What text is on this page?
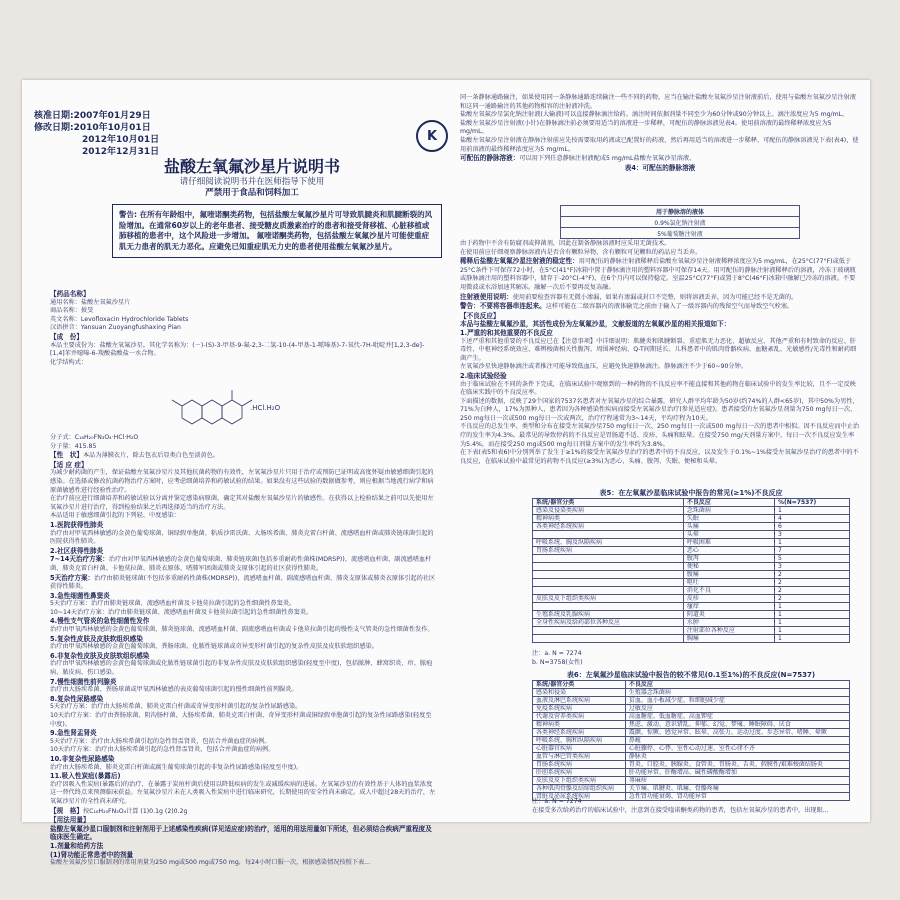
核准日期:2007年01月29日
修改日期:2010年10月01日
2012年10月01日
2012年12月31日
K
盐酸左氧氟沙星片说明书
请仔细阅读说明书并在医师指导下使用
严禁用于食品和饲料加工
警告: 在所有年龄组中，氟喹诺酮类药物，包括盐酸左氧氟沙星片可导致肌腱炎和肌腱断裂的风险增加。在通常60岁以上的老年患者、接受糖皮质激素治疗的患者和接受肾移植、心脏移植或肺移植的患者中，这个风险进一步增加。 氟喹诺酮类药物，包括盐酸左氧氟沙星片可能使重症肌无力患者的肌无力恶化。应避免已知重症肌无力史的患者使用盐酸左氧氟沙星片。
【药品名称】
通用名称：盐酸左氧氟沙星片
商品名称：披旻
英文名称：Levofloxacin Hydrochloride Tablets
汉语拼音：Yansuan Zuoyangfushaxing Pian
【成　份】
本品主要成份为：盐酸左氧氟沙星。其化学名称为：(－)-(S)-3-甲基-9-氟-2,3-二氢-10-(4-甲基-1-哌嗪基)-7-氧代-7H-吡啶并[1,2,3-de]-[1,4]苯并噁嗪-6-羧酸盐酸盐一水合物。
化学结构式：
.HCl.H₂O
分子式：C₁₈H₂₀FN₃O₄·HCl·H₂O
分子量：415.85
【性　状】本品为薄膜衣片，除去包衣后显类白色至淡黄色。
【适 应 症】
为减少耐药菌的产生，保证盐酸左氧氟沙星片及其他抗菌药物的有效性，左氧氟沙星片只用于治疗或预防已证明或高度怀疑由敏感细菌引起的感染。在选择或修改抗菌药物治疗方案时，应考虑细菌培养和药敏试验的结果。如果没有这些试验的数据做参考，则应根据当地流行病学和病原菌敏感性进行经验性治疗。
在治疗前应进行细菌培养和药敏试验以分离并鉴定感染病原菌，确定其对盐酸左氧氟沙星片的敏感性。在获得以上检验结果之前可以先使用左氧氟沙星片进行治疗，得到检验结果之后再选择适当的治疗方法。
本品适用于敏感细菌引起的下列轻、中度感染：
1.医院获得性肺炎
治疗由对甲氧西林敏感的金黄色葡萄球菌、铜绿假单胞菌、粘质沙雷氏菌、大肠埃希菌、肺炎克雷白杆菌、流感嗜血杆菌或肺炎链球菌引起的医院获得性肺炎。
2.社区获得性肺炎
7~14天治疗方案：治疗由对甲氧西林敏感的金黄色葡萄球菌、肺炎链球菌(包括多重耐药性菌株(MDRSP))、流感嗜血杆菌、副流感嗜血杆菌、肺炎克雷白杆菌、卡他莫拉菌、肺炎衣原体、嗜肺军团菌或肺炎支原体引起的社区获得性肺炎。
5天治疗方案：治疗由肺炎链球菌(不包括多重耐药性菌株(MDRSP))、流感嗜血杆菌、副流感嗜血杆菌、肺炎支原体或肺炎衣原体引起的社区获得性肺炎。
3.急性细菌性鼻窦炎
5天治疗方案：治疗由肺炎链球菌、流感嗜血杆菌及卡他莫拉菌引起的急性细菌性鼻窦炎。
10~14天治疗方案：治疗由肺炎链球菌、流感嗜血杆菌及卡他莫拉菌引起的急性细菌性鼻窦炎。
4.慢性支气管炎的急性细菌性发作
治疗由甲氧西林敏感的金黄色葡萄球菌、肺炎链球菌、流感嗜血杆菌、副流感嗜血杆菌或卡他莫拉菌引起的慢性支气管炎的急性细菌性发作。
5.复杂性皮肤及皮肤软组织感染
治疗由甲氧西林敏感的金黄色葡萄球菌、粪肠球菌、化脓性链球菌或奇异变形杆菌引起的复杂性皮肤及皮肤软组织感染。
6.非复杂性皮肤及皮肤软组织感染
治疗由甲氧西林敏感的金黄色葡萄球菌或化脓性链球菌引起的非复杂性皮肤及皮肤软组织感染(轻度至中度)，包括脓肿、蜂窝织炎、疖、脓疱病、脓皮病、伤口感染。
7.慢性细菌性前列腺炎
治疗由大肠埃希菌、粪肠球菌或甲氧西林敏感的表皮葡萄球菌引起的慢性细菌性前列腺炎。
8.复杂性尿路感染
5天治疗方案：治疗由大肠埃希菌、肺炎克雷白杆菌或奇异变形杆菌引起的复杂性尿路感染。
10天治疗方案：治疗由粪肠球菌、阴沟肠杆菌、大肠埃希菌、肺炎克雷白杆菌、奇异变形杆菌或铜绿假单胞菌引起的复杂性尿路感染(轻度至中度)。
9.急性肾盂肾炎
5天治疗方案：治疗由大肠埃希菌引起的急性肾盂肾炎，包括合并菌血症的病例。
10天治疗方案：治疗由大肠埃希菌引起的急性肾盂肾炎，包括合并菌血症的病例。
10.非复杂性尿路感染
治疗由大肠埃希菌、肺炎克雷白杆菌或腐生葡萄球菌引起的非复杂性尿路感染(轻度至中度)。
11.吸入性炭疽(暴露后)
治疗因吸入性炭疽(暴露后)的治疗，在暴露于炭疽杆菌后使用以降低疾病的发生或减缓疾病的进展。左氧氟沙星的有效性基于人体的血浆浓度这一替代终点来预测临床获益。左氧氟沙星片未在人类吸入性炭疽中进行临床研究，长期使用的安全性尚未确定。成人中超过28天的治疗，左氧氟沙星片的全性尚未研究。
【规　格】按C₁₈H₂₀FN₃O₄计算 (1)0.1g (2)0.2g
【用法用量】
盐酸左氧氟沙星口服制剂和注射剂用于上述感染性疾病(详见适应症)的治疗，适用的用法用量如下所述，但必须结合疾病严重程度及临床医生确定。
1.剂量和给药方法
(1)肾功能正常患者中的剂量
盐酸左氧氟沙星口服制剂的常用剂量为250 mg或500 mg或750 mg，每24小时口服一次，根据感染情况按照下表...
同一条静脉通路输注，如果使用同一条静脉通路连续输注一些不同的药物，应当在输注盐酸左氧氟沙星注射液前后，使用与盐酸左氧氟沙星注射液和这同一通路输注的其他药物相容的注射液冲洗。
盐酸左氧氟沙星氯化钠注射液(大输液)可以直接静脉滴注给药。滴注时间依据剂量不同至少为60分钟或90分钟以上。滴注浓度应为5 mg/mL。
盐酸左氧氟沙星注射液(小针)在静脉滴注前必须要用适当的溶液进一步稀释，可配伍的静脉溶液见表4。使用前溶液的最终稀释浓度应为5 mg/mL。
盐酸左氧氟沙星注射液在静脉注射前应先按需要取用药液或已配置好的药液，然后再用适当的溶液进一步稀释，可配伍的静脉溶液见下表(表4)，使用前溶液的最终稀释浓度应为5 mg/mL。
可配伍的静脉溶液：可以用下列任意静脉注射液配成5 mg/mL盐酸左氧氟沙星溶液，
表4：可配伍的静脉溶液
用于静脉溶的液体
0.9%氯化钠注射液
5%葡萄糖注射液
由于药物中不含有防腐剂或抑菌剂，因此在制备静脉溶液时应采用无菌技术。
在使用前应仔细观察静脉溶液内是否含有颗粒异物，含有颗粒可见颗粒的药品应当丢弃。
稀释后盐酸左氧氟沙星注射液的稳定性：用可配伍的静脉注射液稀释后盐酸左氧氟沙星注射液稀释浓度应为5 mg/mL，在25°C(77°F)或低于25°C条件下可保存72小时，在5°C(41°F)冰箱中置于静脉滴注用的塑料容器中可保存14天。用可配伍的静脉注射液稀释后的溶液，冷冻于玻璃瓶或静脉滴注用的塑料容器中，储存于-20°C(-4°F)，在6个月内可以保持稳定。室温25°C(77°F)或置于8°C(46°F)冰箱中融解已冷冻的溶液。不要用微波或水浴加速其解冻。融解一次后不要再反复冻融。
注射液使用说明：使用前要检查容器有无微小渗漏，如果有渗漏或封口不完整，则将溶液丢弃，因为可能已经不是无菌的。
警告：不要将容器串连起来。这样可能在二级容器内的液体输完之前由于输入了一级容器内的残留空气而导致空气栓塞。
【不良反应】
本品与盐酸左氧氟沙星，其活性成份为左氧氟沙星，文献报道的左氧氟沙星的相关报道如下：
1.严重的和其他重要的不良反应
下述严重和其他重要的不良反应已在【注意事项】中详细说明：肌腱炎和肌腱断裂、重症肌无力恶化、超敏反应、其他严重和有时致命的反应、肝毒性、中枢神经系统效应、难辨梭菌相关性腹泻、周围神经病、Q-T间期延长、儿科患者中的肌肉骨骼疾病、血糖紊乱、光敏感性/光毒性和耐药细菌产生。
左氧氟沙星快速静脉滴注或者推注可能导致低血压，应避免快速静脉滴注。静脉滴注不少于60~90分钟。
2.临床试验经验
由于临床试验在不同的条件下完成，在临床试验中观察到的一种药物的不良反应率不能直接和其他药物在临床试验中的发生率比较，且不一定反映在临床实践中的不良反应率。
下面描述的数据，反映了29个国家的7537名患者对左氧氟沙星的综合暴露，研究人群平均年龄为50岁(约74%的人群<65岁)，其中50%为男性，71%为白种人，17%为黑种人，患者因为各种感染性疾病而接受左氧氟沙星治疗(参见适应症)。患者接受的左氧氟沙星剂量为750 mg每日一次、250 mg每日一次或500 mg每日一次或两次，治疗疗程通常为3~14天，平均疗程为10天。
不良反应的总发生率、类型和分布在接受左氧氟沙星750 mg每日一次、250 mg每日一次或500 mg每日一次的患者中相似。因不良反应而中止治疗的发生率为4.3%。最常见的导致停药的不良反应是胃肠道不适、皮疹、头痛和眩晕。在接受750 mg/天剂量方案中，每日一次不良反应发生率为5.4%，而在接受250 mg或500 mg每日剂量方案中的发生率约为3.8%。
在下表(表5和表6)中分别列举了发生于≥1%的接受左氧氟沙星治疗的患者中的不良反应，以及发生于0.1%~1%接受左氧氟沙星治疗的患者中的不良反应，在临床试验中最常见的药物不良反应(≥3%)为恶心、头痛、腹泻、失眠、便秘和头晕。
表5：在左氧氟沙星临床试验中报告的常见(≥1%)不良反应
系统/器官分类	不良反应	%(N=7537)
感染及侵染类疾病	念珠菌病	1
精神病类	失眠	4
各类神经系统疾病	头痛	6
	头晕	3
呼吸系统、胸及纵隔疾病	呼吸困难	1
胃肠系统疾病	恶心	7
	腹泻	5
	便秘	3
	腹痛	2
	呕吐	2
	消化不良	2
皮肤及皮下组织类疾病	皮疹	2
	瘙痒	1
生殖系统及乳腺疾病	阴道炎	1
全身性疾病及给药部位各种反应	水肿	1
	注射部位各种反应	1
	胸痛	1
注：a. N = 7274
b. N=3758(女性)
表6：左氧氟沙星临床试验中报告的较不常见(0.1至1%)的不良反应(N=7537)
系统/器官分类	不良反应
感染和侵染	生殖器念珠菌病
血液及淋巴系统疾病	贫血、血小板减少症、粒细胞减少症
免疫系统疾病	过敏反应
代谢及营养类疾病	高血糖症、低血糖症、高血钾症
精神病类	焦虑、激动、意识错乱、抑郁、幻觉、梦魇、睡眠障碍、厌食
各类神经系统疾病	震颤、惊厥、感觉异常、眩晕、高张力、运动过度、步态异常、嗜睡、晕厥
呼吸系统、胸和纵隔疾病	鼻衄
心脏器官疾病	心脏骤停、心悸、室性心动过速、室性心律不齐
血管与淋巴管类疾病	静脉炎
胃肠系统疾病	胃炎、口腔炎、胰腺炎、食管炎、胃肠炎、舌炎、假膜性/艰难梭菌结肠炎
肝胆系统疾病	肝功能异常、肝酶增高、碱性磷酸酶增加
皮肤及皮下组织类疾病	荨麻疹
各种肌肉骨骼及结缔组织疾病	关节痛、肌腱炎、肌痛、骨骼疼痛
肾脏及泌尿系统疾病	急性肾功能衰竭、肾功能异常
注：a. N = 7274
在接受多次给药治疗的临床试验中，注意到在接受喹诺酮类药物的患者，包括左氧氟沙星的患者中，出现眼...
